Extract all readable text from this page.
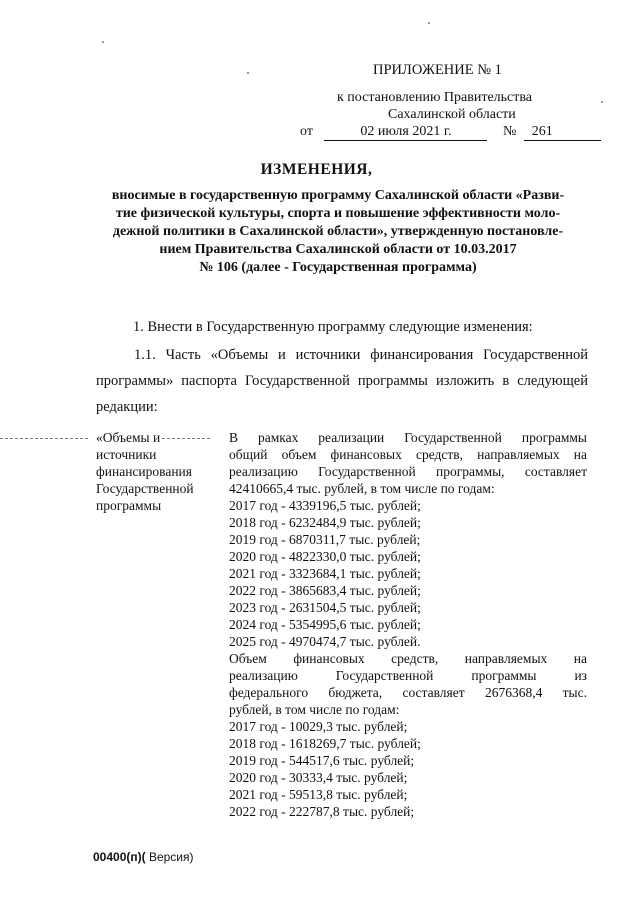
ПРИЛОЖЕНИЕ № 1
к постановлению Правительства
Сахалинской области
от	02 июля 2021 г.	№ 261
ИЗМЕНЕНИЯ,
вносимые в государственную программу Сахалинской области «Разви-
тие физической культуры, спорта и повышение эффективности моло-
дежной политики в Сахалинской области», утвержденную постановле-
нием Правительства Сахалинской области от 10.03.2017
№ 106 (далее - Государственная программа)
1. Внести в Государственную программу следующие изменения:
1.1. Часть «Объемы и источники финансирования Государственной
программы» паспорта Государственной программы изложить в следующей
редакции:
«Объемы и
источники
финансирования
Государственной
программы
В рамках реализации Государственной программы
общий объем финансовых средств, направляемых на
реализацию Государственной программы, составляет
42410665,4 тыс. рублей, в том числе по годам:
2017 год - 4339196,5 тыс. рублей;
2018 год - 6232484,9 тыс. рублей;
2019 год - 6870311,7 тыс. рублей;
2020 год - 4822330,0 тыс. рублей;
2021 год - 3323684,1 тыс. рублей;
2022 год - 3865683,4 тыс. рублей;
2023 год - 2631504,5 тыс. рублей;
2024 год - 5354995,6 тыс. рублей;
2025 год - 4970474,7 тыс. рублей.
Объем финансовых средств, направляемых на
реализацию Государственной программы из
федерального бюджета, составляет 2676368,4 тыс.
рублей, в том числе по годам:
2017 год - 10029,3 тыс. рублей;
2018 год - 1618269,7 тыс. рублей;
2019 год - 544517,6 тыс. рублей;
2020 год - 30333,4 тыс. рублей;
2021 год - 59513,8 тыс. рублей;
2022 год - 222787,8 тыс. рублей;
00400(п)( Версия)
